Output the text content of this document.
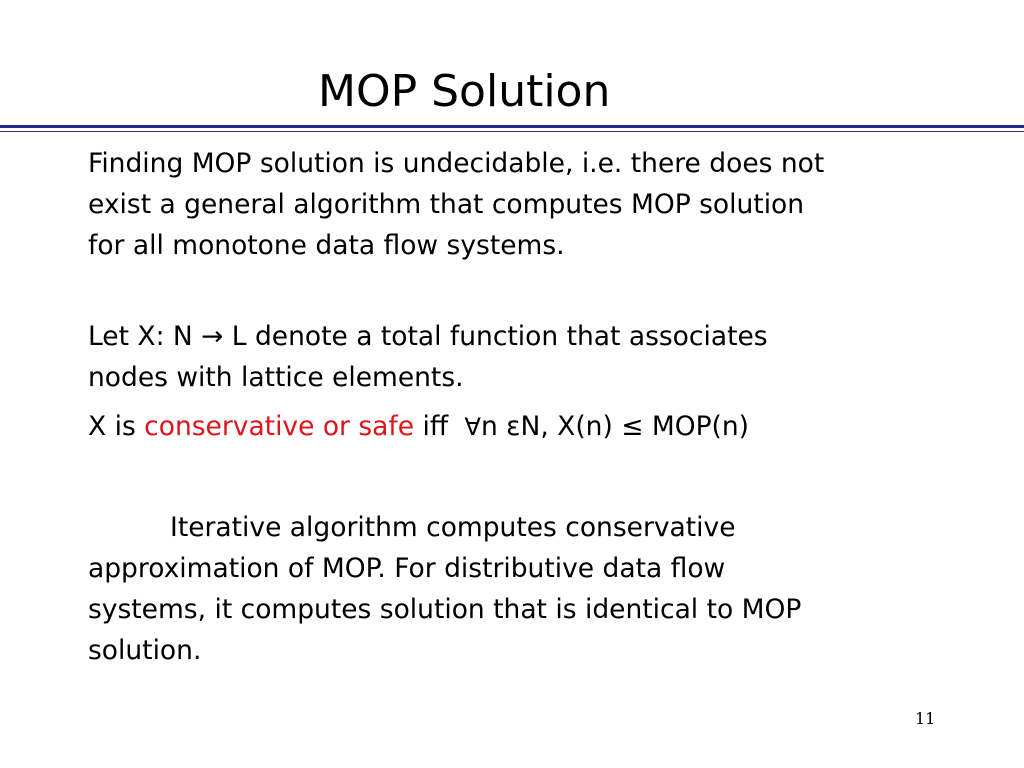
MOP Solution
Finding MOP solution is undecidable, i.e. there does not
exist a general algorithm that computes MOP solution
for all monotone data flow systems.
Let X: N → L denote a total function that associates
nodes with lattice elements.
X is conservative or safe iff ∀n εN, X(n) ≤ MOP(n)
Iterative algorithm computes conservative
approximation of MOP. For distributive data flow
systems, it computes solution that is identical to MOP
solution.
11
